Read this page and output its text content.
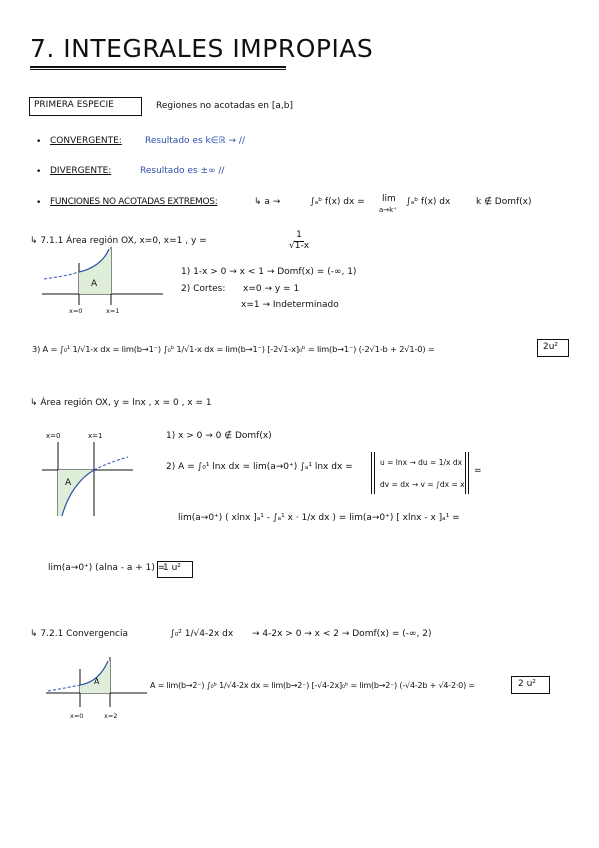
7. INTEGRALES IMPROPIAS
PRIMERA ESPECIE	Regiones no acotadas en [a,b]
• CONVERGENTE:	Resultado es k∈ℝ → //
• DIVERGENTE:	Resultado es ±∞ //
• FUNCIONES NO ACOTADAS EXTREMOS:	↳ a →	∫ₐᵇ f(x) dx = lim
a→k⁺
∫ₐᵇ f(x) dx	k ∉ Domf(x)
↳ 7.1.1 Área región OX, x=0, x=1 , y =	$\frac{1}{√1-x}$
A
x=0	x=1
1) 1-x > 0 → x < 1 → Domf(x) = (-∞, 1)
2) Cortes: x=0 → y = 1
x=1 → Indeterminado
3) A = ∫₀¹ 1/√1-x dx = lim(b→1⁻) ∫₀ᵇ 1/√1-x dx = lim(b→1⁻) [-2√1-x]₀ᵇ = lim(b→1⁻) (-2√1-b + 2√1-0) =	2u²
↳ Área región OX, y = lnx , x = 0 , x = 1
x=0	x=1
A
1) x > 0 → 0 ∉ Domf(x)
2) A = ∫₀¹ lnx dx = lim(a→0⁺) ∫ₐ¹ lnx dx =	u = lnx → du = 1/x dx
dv = dx → v = ∫dx = x
=
lim(a→0⁺) ( xlnx ]ₐ¹ - ∫ₐ¹ x · 1/x dx ) = lim(a→0⁺) [ xlnx - x ]ₐ¹ =
lim(a→0⁺) (alna - a + 1) =
1 u²
↳ 7.2.1 Convergencia	∫₀² 1/√4-2x dx → 4-2x > 0 → x < 2 → Domf(x) = (-∞, 2)
A
x=0	x=2
A = lim(b→2⁻) ∫₀ᵇ 1/√4-2x dx = lim(b→2⁻) [-√4-2x]₀ᵇ = lim(b→2⁻) (-√4-2b + √4-2·0) =	2 u²
